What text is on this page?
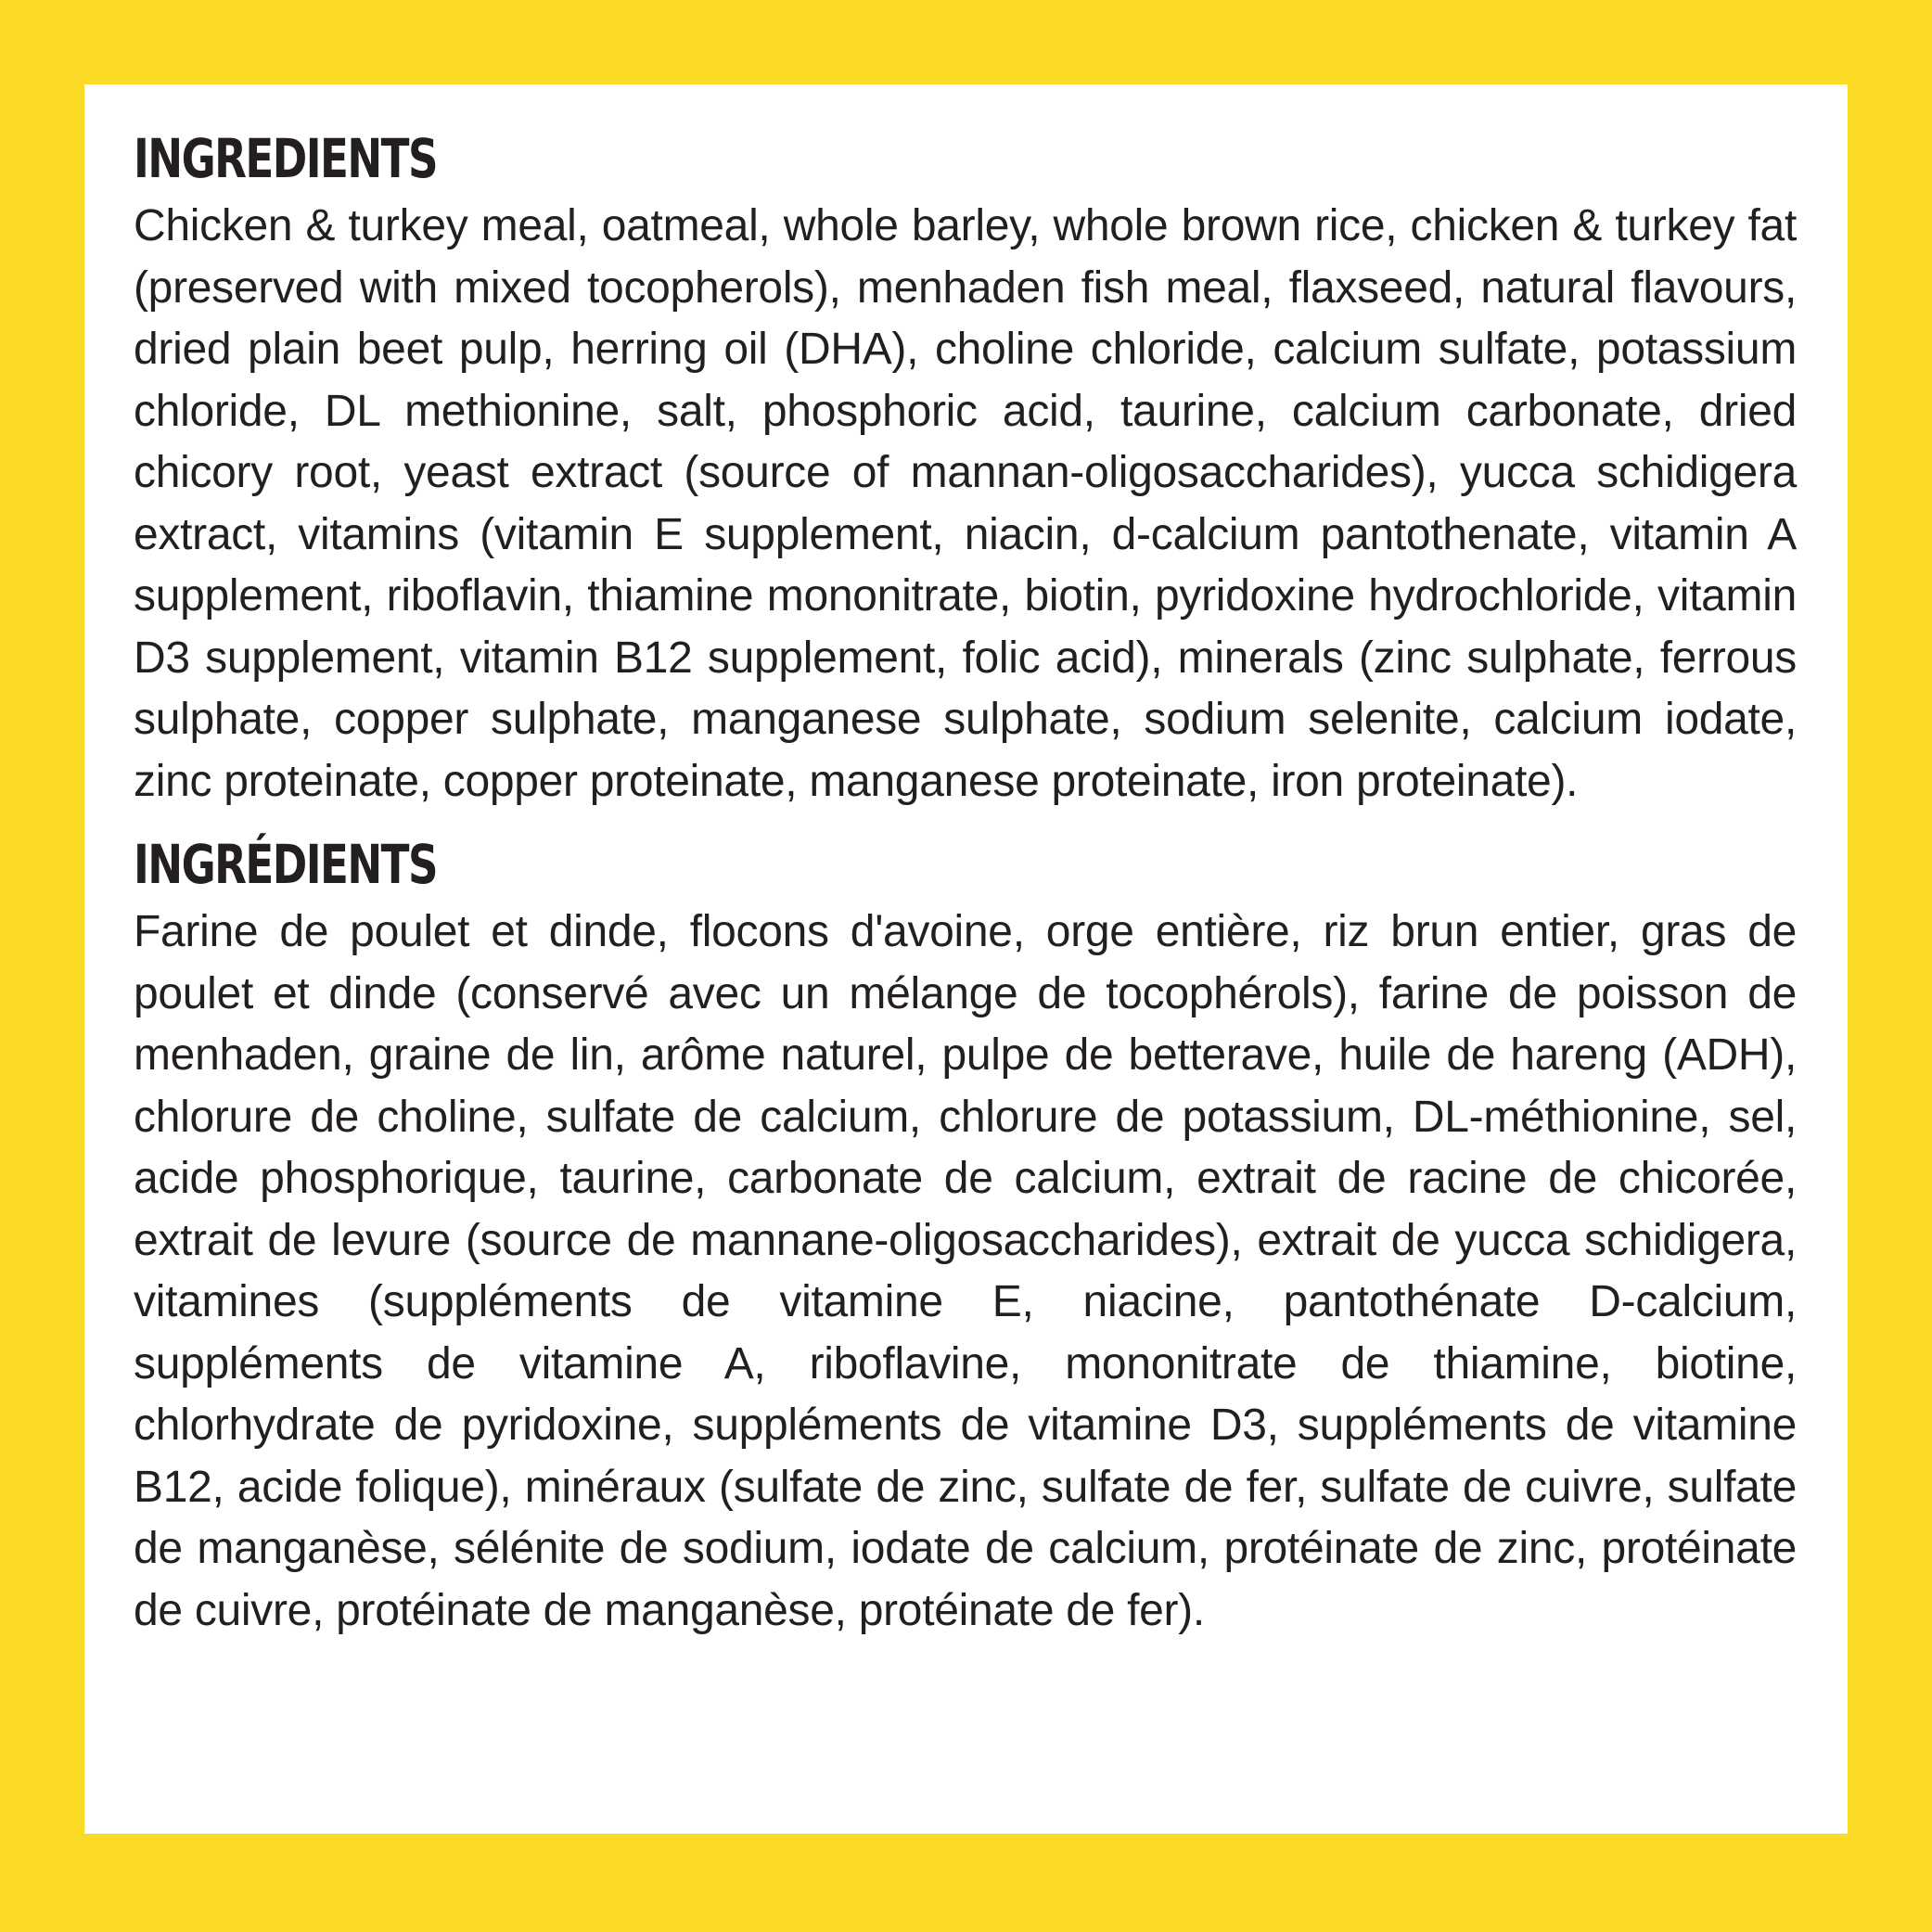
INGREDIENTS

Chicken & turkey meal, oatmeal, whole barley, whole brown rice, chicken & turkey fat (preserved with mixed tocopherols), menhaden fish meal, flaxseed, natural flavours, dried plain beet pulp, herring oil (DHA), choline chloride, calcium sulfate, potassium chloride, DL methionine, salt, phosphoric acid, taurine, calcium carbonate, dried chicory root, yeast extract (source of mannan-oligosaccharides), yucca schidigera extract, vitamins (vitamin E supplement, niacin, d-calcium pantothenate, vitamin A supplement, riboflavin, thiamine mononitrate, biotin, pyridoxine hydrochloride, vitamin D3 supplement, vitamin B12 supplement, folic acid), minerals (zinc sulphate, ferrous sulphate, copper sulphate, manganese sulphate, sodium selenite, calcium iodate, zinc proteinate, copper proteinate, manganese proteinate, iron proteinate).

INGRÉDIENTS

Farine de poulet et dinde, flocons d'avoine, orge entière, riz brun entier, gras de poulet et dinde (conservé avec un mélange de tocophérols), farine de poisson de menhaden, graine de lin, arôme naturel, pulpe de betterave, huile de hareng (ADH), chlorure de choline, sulfate de calcium, chlorure de potassium, DL-méthionine, sel, acide phosphorique, taurine, carbonate de calcium, extrait de racine de chicorée, extrait de levure (source de mannane-oligosaccharides), extrait de yucca schidigera, vitamines (suppléments de vitamine E, niacine, pantothénate D-calcium, suppléments de vitamine A, riboflavine, mononitrate de thiamine, biotine, chlorhydrate de pyridoxine, suppléments de vitamine D3, suppléments de vitamine B12, acide folique), minéraux (sulfate de zinc, sulfate de fer, sulfate de cuivre, sulfate de manganèse, sélénite de sodium, iodate de calcium, protéinate de zinc, protéinate de cuivre, protéinate de manganèse, protéinate de fer).
